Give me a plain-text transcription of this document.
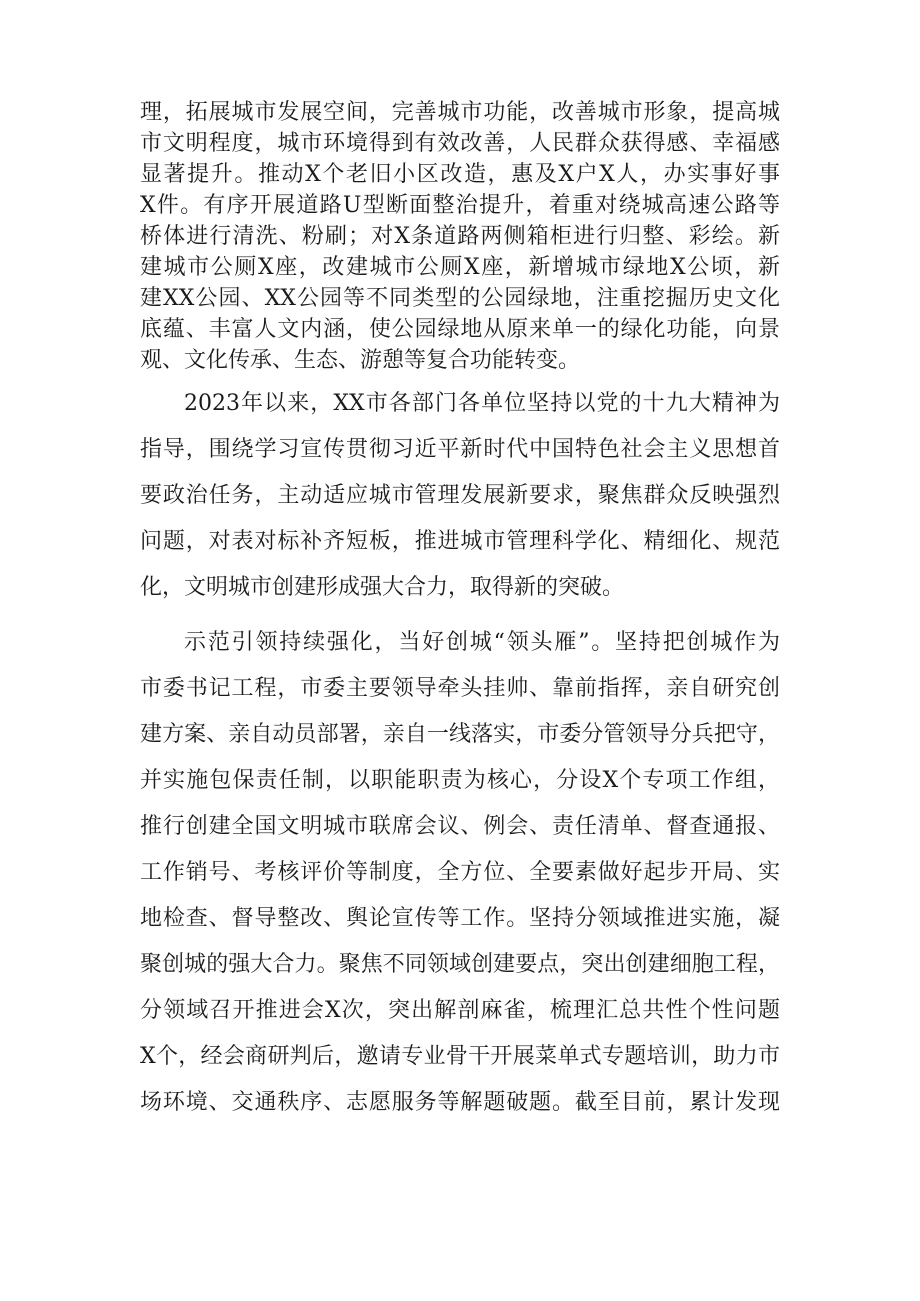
理，拓展城市发展空间，完善城市功能，改善城市形象，提高城
市文明程度，城市环境得到有效改善，人民群众获得感、幸福感
显著提升。推动X个老旧小区改造，惠及X户X人，办实事好事
X件。有序开展道路U型断面整治提升，着重对绕城高速公路等
桥体进行清洗、粉刷；对X条道路两侧箱柜进行归整、彩绘。新
建城市公厕X座，改建城市公厕X座，新增城市绿地X公顷，新
建XX公园、XX公园等不同类型的公园绿地，注重挖掘历史文化
底蕴、丰富人文内涵，使公园绿地从原来单一的绿化功能，向景
观、文化传承、生态、游憩等复合功能转变。
2023年以来，XX市各部门各单位坚持以党的十九大精神为
指导，围绕学习宣传贯彻习近平新时代中国特色社会主义思想首
要政治任务，主动适应城市管理发展新要求，聚焦群众反映强烈
问题，对表对标补齐短板，推进城市管理科学化、精细化、规范
化，文明城市创建形成强大合力，取得新的突破。
示范引领持续强化，当好创城“领头雁”。坚持把创城作为
市委书记工程，市委主要领导牵头挂帅、靠前指挥，亲自研究创
建方案、亲自动员部署，亲自一线落实，市委分管领导分兵把守，
并实施包保责任制，以职能职责为核心，分设X个专项工作组，
推行创建全国文明城市联席会议、例会、责任清单、督查通报、
工作销号、考核评价等制度，全方位、全要素做好起步开局、实
地检查、督导整改、舆论宣传等工作。坚持分领域推进实施，凝
聚创城的强大合力。聚焦不同领域创建要点，突出创建细胞工程，
分领域召开推进会X次，突出解剖麻雀，梳理汇总共性个性问题
X个，经会商研判后，邀请专业骨干开展菜单式专题培训，助力市
场环境、交通秩序、志愿服务等解题破题。截至目前，累计发现
